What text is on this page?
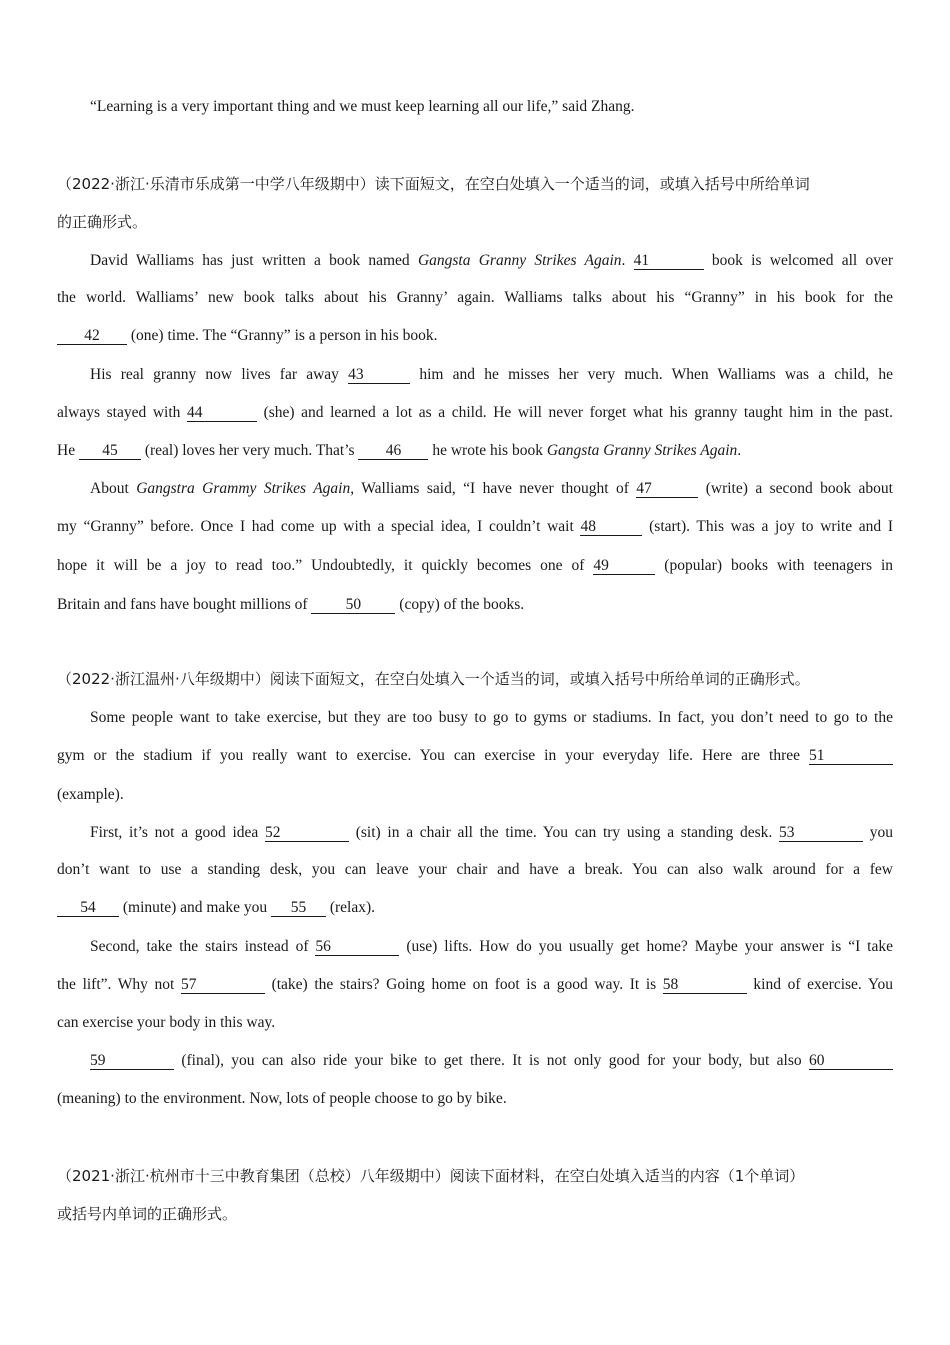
“Learning is a very important thing and we must keep learning all our life,” said Zhang.
（2022·浙江·乐清市乐成第一中学八年级期中）读下面短文，在空白处填入一个适当的词，或填入括号中所给单词
的正确形式。
David Walliams has just written a book named Gangsta Granny Strikes Again. 41	book is welcomed all over
the world. Walliams’ new book talks about his Granny’ again. Walliams talks about his “Granny” in his book for the
42 (one) time. The “Granny” is a person in his book.
His real granny now lives far away 43	him and he misses her very much. When Walliams was a child, he
always stayed with 44	(she) and learned a lot as a child. He will never forget what his granny taught him in the past.
He 45 (real) loves her very much. That’s 46 he wrote his book Gangsta Granny Strikes Again.
About Gangstra Grammy Strikes Again, Walliams said, “I have never thought of 47	(write) a second book about
my “Granny” before. Once I had come up with a special idea, I couldn’t wait 48	(start). This was a joy to write and I
hope it will be a joy to read too.” Undoubtedly, it quickly becomes one of 49	(popular) books with teenagers in
Britain and fans have bought millions of 50 (copy) of the books.
（2022·浙江温州·八年级期中）阅读下面短文，在空白处填入一个适当的词，或填入括号中所给单词的正确形式。
Some people want to take exercise, but they are too busy to go to gyms or stadiums. In fact, you don’t need to go to the
gym or the stadium if you really want to exercise. You can exercise in your everyday life. Here are three 51
(example).
First, it’s not a good idea 52	(sit) in a chair all the time. You can try using a standing desk. 53	you
don’t want to use a standing desk, you can leave your chair and have a break. You can also walk around for a few
54 (minute) and make you 55 (relax).
Second, take the stairs instead of 56	(use) lifts. How do you usually get home? Maybe your answer is “I take
the lift”. Why not 57	(take) the stairs? Going home on foot is a good way. It is 58	kind of exercise. You
can exercise your body in this way.
59	(final), you can also ride your bike to get there. It is not only good for your body, but also 60
(meaning) to the environment. Now, lots of people choose to go by bike.
（2021·浙江·杭州市十三中教育集团（总校）八年级期中）阅读下面材料，在空白处填入适当的内容（1个单词）
或括号内单词的正确形式。
